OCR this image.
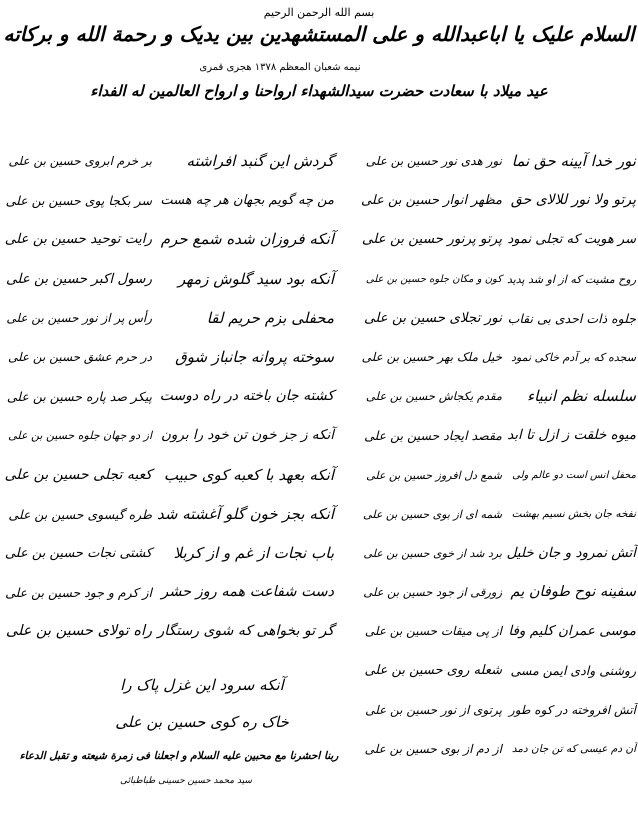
بسم الله الرحمن الرحیم
السلام علیک یا اباعبدالله و علی المستشهدین بین یدیک و رحمة الله و برکاته
نیمه شعبان المعظم ۱۳۷۸ هجری قمری
عید میلاد با سعادت حضرت سیدالشهداء ارواحنا و ارواح العالمین له الفداء
نور خدا آیینه حق نما
پرتو ولا نور للالای حق
سر هویت که تجلی نمود
روح مشیت که از او شد پدید
جلوه ذات احدی بی نقاب
سجده که بر آدم خاکی نمود
سلسله نظم انبیاء
میوه خلقت ز ازل تا ابد
محفل انس است دو عالم ولی
نفخه جان بخش نسیم بهشت
آتش نمرود و جان خلیل
سفینه نوح طوفان یم
موسی عمران کلیم وفا
روشنی وادی ایمن مسی
آتش افروخته در کوه طور
آن دم عیسی که تن جان دمد
نور هدی نور حسین بن علی
مظهر انوار حسین بن علی
پرتو پرنور حسین بن علی
کون و مکان جلوه حسین بن علی
نور تجلای حسین بن علی
خیل ملک بهر حسین بن علی
مقدم یکجاش حسین بن علی
مقصد ایجاد حسین بن علی
شمع دل افروز حسین بن علی
شمه ای از بوی حسین بن علی
برد شد از خوی حسین بن علی
زورقی از جود حسین بن علی
از پی میقات حسین بن علی
شعله روی حسین بن علی
پرتوی از نور حسین بن علی
از دم از بوی حسین بن علی
گردش این گنبد افراشته
من چه گویم بجهان هر چه هست
آنکه فروزان شده شمع حرم
آنکه بود سید گلوش زمهر
محفلی بزم حریم لقا
سوخته پروانه جانباز شوق
کشته جان باخته در راه دوست
آنکه ز جز خون تن خود را برون
آنکه بعهد با کعبه کوی حبیب
آنکه بجز خون گلو آغشته شد
باب نجات از غم و از کربلا
دست شفاعت همه روز حشر
گر تو بخواهی که شوی رستگار
بر خرم ابروی حسین بن علی
سر بکجا پوی حسین بن علی
رایت توحید حسین بن علی
رسول اکبر حسین بن علی
رأس پر از نور حسین بن علی
در حرم عشق حسین بن علی
پیکر صد پاره حسین بن علی
از دو جهان جلوه حسین بن علی
کعبه تجلی حسین بن علی
طره گیسوی حسین بن علی
کشتی نجات حسین بن علی
از کرم و جود حسین بن علی
راه تولای حسین بن علی
آنکه سرود این غزل پاک را
خاک ره کوی حسین بن علی
ربنا احشرنا مع محبین علیه السلام و اجعلنا فی زمرة شیعته و تقبل الدعاء
سید محمد حسین حسینی طباطبائی
